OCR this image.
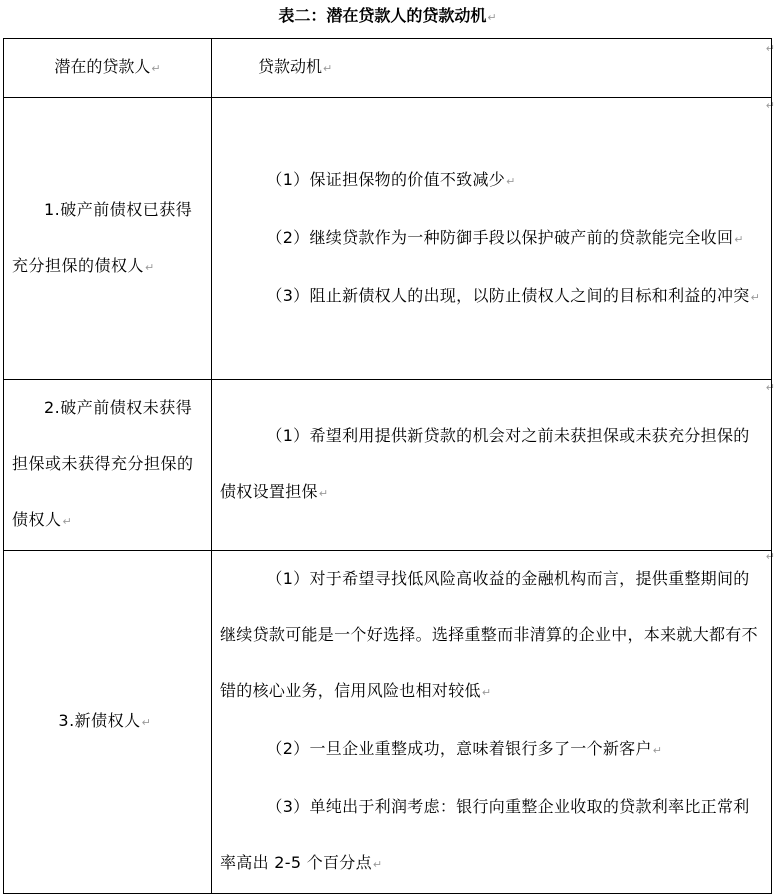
表二：潜在贷款人的贷款动机↵
↵
↵
↵
↵
潜在的贷款人↵	贷款动机↵

1.破产前债权已获得充分担保的债权人↵	（1）保证担保物的价值不致减少↵

（2）继续贷款作为一种防御手段以保护破产前的贷款能完全收回↵

（3）阻止新债权人的出现，以防止债权人之间的目标和利益的冲突↵

2.破产前债权未获得担保或未获得充分担保的债权人↵	（1）希望利用提供新贷款的机会对之前未获担保或未获充分担保的债权设置担保↵

3.新债权人↵	（1）对于希望寻找低风险高收益的金融机构而言，提供重整期间的继续贷款可能是一个好选择。选择重整而非清算的企业中，本来就大都有不错的核心业务，信用风险也相对较低↵

（2）一旦企业重整成功，意味着银行多了一个新客户↵

（3）单纯出于利润考虑：银行向重整企业收取的贷款利率比正常利率高出 2-5 个百分点↵
